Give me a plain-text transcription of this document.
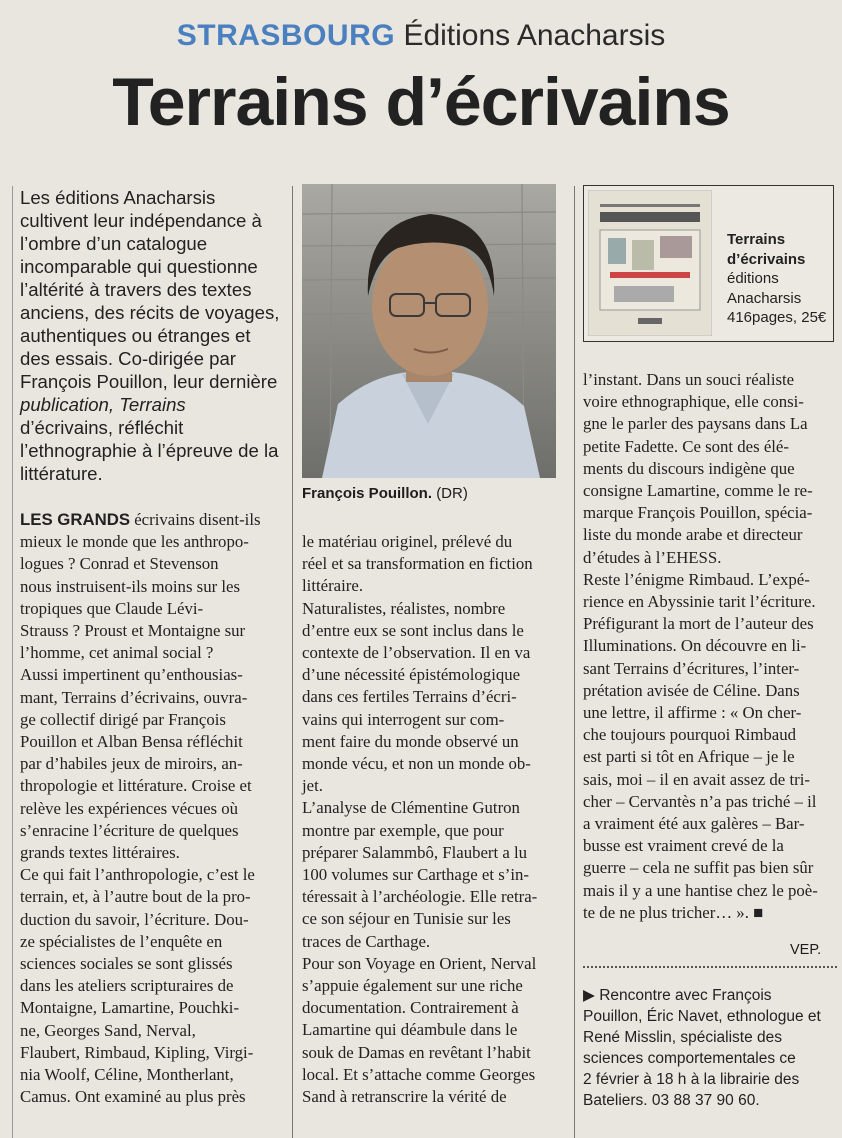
STRASBOURG Éditions Anacharsis
Terrains d’écrivains
Les éditions Anacharsis
cultivent leur indépendance à
l’ombre d’un catalogue
incomparable qui questionne
l’altérité à travers des textes
anciens, des récits de voyages,
authentiques ou étranges et
des essais. Co-dirigée par
François Pouillon, leur dernière
publication, Terrains
d’écrivains, réfléchit
l’ethnographie à l’épreuve de la
littérature.
François Pouillon. (DR)
Terrains
d’écrivains
éditions
Anacharsis
416pages, 25€
LES GRANDS écrivains disent-ils
mieux le monde que les anthropo-
logues ? Conrad et Stevenson
nous instruisent-ils moins sur les
tropiques que Claude Lévi-
Strauss ? Proust et Montaigne sur
l’homme, cet animal social ?
Aussi impertinent qu’enthousias-
mant, Terrains d’écrivains, ouvra-
ge collectif dirigé par François
Pouillon et Alban Bensa réfléchit
par d’habiles jeux de miroirs, an-
thropologie et littérature. Croise et
relève les expériences vécues où
s’enracine l’écriture de quelques
grands textes littéraires.
Ce qui fait l’anthropologie, c’est le
terrain, et, à l’autre bout de la pro-
duction du savoir, l’écriture. Dou-
ze spécialistes de l’enquête en
sciences sociales se sont glissés
dans les ateliers scripturaires de
Montaigne, Lamartine, Pouchki-
ne, Georges Sand, Nerval,
Flaubert, Rimbaud, Kipling, Virgi-
nia Woolf, Céline, Montherlant,
Camus. Ont examiné au plus près
le matériau originel, prélevé du
réel et sa transformation en fiction
littéraire.
Naturalistes, réalistes, nombre
d’entre eux se sont inclus dans le
contexte de l’observation. Il en va
d’une nécessité épistémologique
dans ces fertiles Terrains d’écri-
vains qui interrogent sur com-
ment faire du monde observé un
monde vécu, et non un monde ob-
jet.
L’analyse de Clémentine Gutron
montre par exemple, que pour
préparer Salammbô, Flaubert a lu
100 volumes sur Carthage et s’in-
téressait à l’archéologie. Elle retra-
ce son séjour en Tunisie sur les
traces de Carthage.
Pour son Voyage en Orient, Nerval
s’appuie également sur une riche
documentation. Contrairement à
Lamartine qui déambule dans le
souk de Damas en revêtant l’habit
local. Et s’attache comme Georges
Sand à retranscrire la vérité de
l’instant. Dans un souci réaliste
voire ethnographique, elle consi-
gne le parler des paysans dans La
petite Fadette. Ce sont des élé-
ments du discours indigène que
consigne Lamartine, comme le re-
marque François Pouillon, spécia-
liste du monde arabe et directeur
d’études à l’EHESS.
Reste l’énigme Rimbaud. L’expé-
rience en Abyssinie tarit l’écriture.
Préfigurant la mort de l’auteur des
Illuminations. On découvre en li-
sant Terrains d’écritures, l’inter-
prétation avisée de Céline. Dans
une lettre, il affirme : « On cher-
che toujours pourquoi Rimbaud
est parti si tôt en Afrique – je le
sais, moi – il en avait assez de tri-
cher – Cervantès n’a pas triché – il
a vraiment été aux galères – Bar-
busse est vraiment crevé de la
guerre – cela ne suffit pas bien sûr
mais il y a une hantise chez le poè-
te de ne plus tricher… ». ■
VEP.
▶ Rencontre avec François
Pouillon, Éric Navet, ethnologue et
René Misslin, spécialiste des
sciences comportementales ce
2 février à 18 h à la librairie des
Bateliers. 03 88 37 90 60.
